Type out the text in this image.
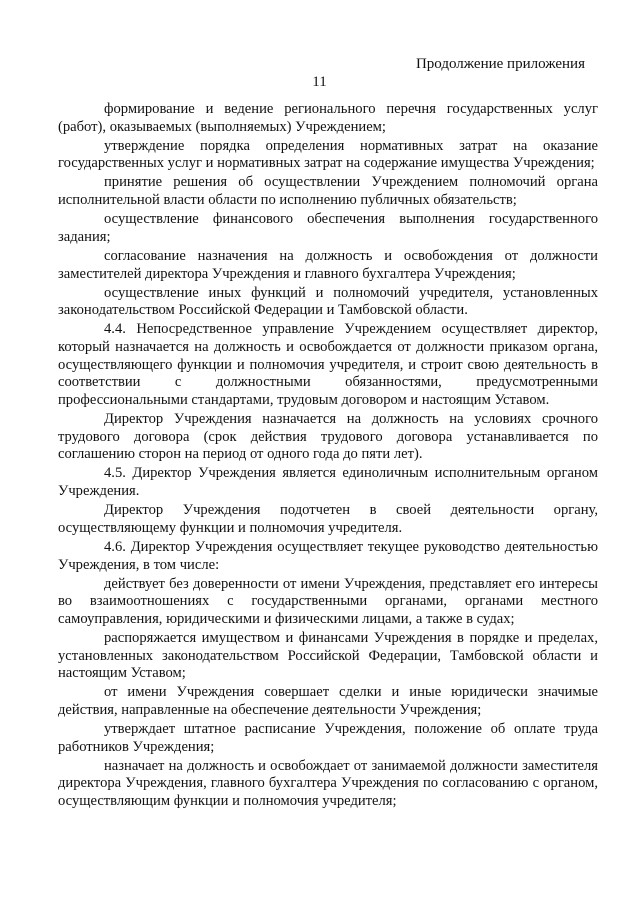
Продолжение приложения
11

формирование и ведение регионального перечня государственных услуг (работ), оказываемых (выполняемых) Учреждением;

утверждение порядка определения нормативных затрат на оказание государственных услуг и нормативных затрат на содержание имущества Учреждения;

принятие решения об осуществлении Учреждением полномочий органа исполнительной власти области по исполнению публичных обязательств;

осуществление финансового обеспечения выполнения государственного задания;

согласование назначения на должность и освобождения от должности заместителей директора Учреждения и главного бухгалтера Учреждения;

осуществление иных функций и полномочий учредителя, установленных законодательством Российской Федерации и Тамбовской области.

4.4. Непосредственное управление Учреждением осуществляет директор, который назначается на должность и освобождается от должности приказом органа, осуществляющего функции и полномочия учредителя, и строит свою деятельность в соответствии с должностными обязанностями, предусмотренными профессиональными стандартами, трудовым договором и настоящим Уставом.

Директор Учреждения назначается на должность на условиях срочного трудового договора (срок действия трудового договора устанавливается по соглашению сторон на период от одного года до пяти лет).

4.5. Директор Учреждения является единоличным исполнительным органом Учреждения.

Директор Учреждения подотчетен в своей деятельности органу, осуществляющему функции и полномочия учредителя.

4.6. Директор Учреждения осуществляет текущее руководство деятельностью Учреждения, в том числе:

действует без доверенности от имени Учреждения, представляет его интересы во взаимоотношениях с государственными органами, органами местного самоуправления, юридическими и физическими лицами, а также в судах;

распоряжается имуществом и финансами Учреждения в порядке и пределах, установленных законодательством Российской Федерации, Тамбовской области и настоящим Уставом;

от имени Учреждения совершает сделки и иные юридически значимые действия, направленные на обеспечение деятельности Учреждения;

утверждает штатное расписание Учреждения, положение об оплате труда работников Учреждения;

назначает на должность и освобождает от занимаемой должности заместителя директора Учреждения, главного бухгалтера Учреждения по согласованию с органом, осуществляющим функции и полномочия учредителя;
